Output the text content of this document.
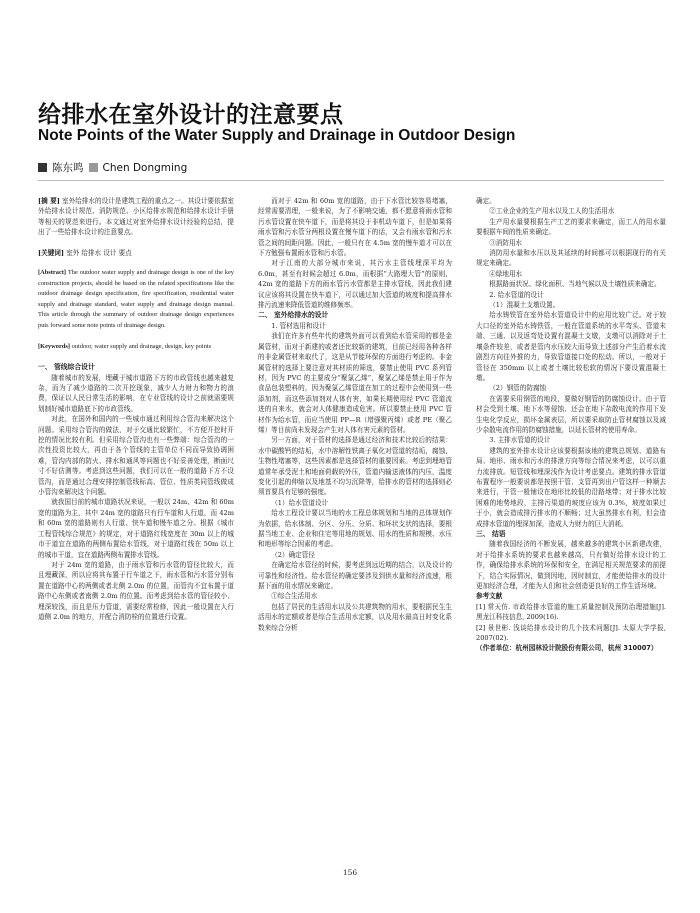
给排水在室外设计的注意要点
Note Points of the Water Supply and Drainage in Outdoor Design
陈东鸣 Chen Dongming

[摘 要] 室外给排水的设计是建筑工程的重点之一。其设计要依据室外给排水设计规范、消防规范、小区给排水规范和给排水设计手册等相关的规范来进行。本文通过对室外给排水设计经验的总结，提出了一些给排水设计的注意要点。

[关键词] 室外 给排水 设计 要点

[Abstract] The outdoor water supply and drainage design is one of the key construction projects, should be based on the related specifications like the outdoor drainage design specification, fire specification, residential water supply and drainage standard, water supply and drainage design manual. This article through the summary of outdoor drainage design experiences puts forward some note points of drainage design.

[Keywords] outdoor, water supply and drainage, design, key points

一、 管线综合设计

随着城市的发展，埋藏于城市道路下方的市政管线也越来越复杂，而为了减少道路的二次开挖现象，减少人力财力和物力的浪费，保证以人民日常生活的影响，在专业管线的设计之前就需要规划制好城市道路底下的市政管线。

对此，在国外和国内的一些城市通过利用综合管沟来解决这个问题。采用综合管沟的做法，对于交通比较繁忙，不方便开挖时开挖的情况比较有利。但采用综合管沟也有一些弊端：综合管沟的一次性投资比较大，再由于各个管线的主管单位不同而导致协调困难，管沟内部的防火、排水和通风等问题也不好妥善处理，断面尺寸不好估测等。考虑到这些问题，我们可以在一般的道路下方不设管沟，而是通过合理安排控制管线标高、管位、性质类同管线做成小管沟来解决这个问题。

就我国目前的城市道路状况来说，一般以 24m、42m 和 60m 宽的道路为主，其中 24m 宽的道路只有行车道和人行道，而 42m 和 60m 宽的道路则有人行道、快车道和慢车道之分。根据《城市工程管线综合规范》的规定，对于道路红线宽度在 30m 以上的城市干道宜在道路的两侧布置给水管线，对于道路红线在 50m 以上的城市干道，宜在道路两侧布置排水管线。

对于 24m 宽的道路，由于雨水管和污水管的管径比较大，而且埋藏深，所以应将其布置于行车道之下，雨水管和污水管分别布置在道路中心的两侧或者北侧 2.0m 的位置，而管沟不宜布置于道路中心东侧或者南侧 2.0m 的位置。而考虑到给水管的管径较小、埋深较浅，而且是压力管道，需要经常检修，因此一般设置在人行道侧 2.0m 的地方，并配合消防栓的位置进行设置。

而对于 42m 和 60m 宽的道路，由于下水管比较容易堵塞，经常需要清理，一般来说，为了不影响交通，都不愿意将雨水管和污水管设置在快车道下，而是将其设于非机动车道下，但是如果将雨水管和污水管分两根设置在慢车道下的话，又会有雨水管和污水管之间的间距问题。因此，一般只有在 4.5m 宽的慢车道才可以在下方勉强布置雨水管和污水管。

对于江南的大部分城市来说，其污水主管线埋深平均为 6.0m，甚至有时候会超过 6.0m，而根据“大路埋大管”的原则，42m 宽的道路下方的雨水管污水管都是主排水管线，因此我们建议应该将其设置在快车道下，可以通过加大管道的坡度和提高排水排污流速来降低管道的维修频率。

二、 室外给排水的设计

1. 管材选用和设计

我们在许多有些年代的建筑外面可以看到给水管采用的都是金属管材，而对于新建的或者还比较新的建筑，目前已经用各种各样的非金属管材来取代了，这是从节能环保的方面进行考虑的。非金属管材的选择上要注意对其材质的筛选，要禁止使用 PVC 系列管材，因为 PVC 的主要成分“聚氯乙烯”，聚氯乙烯是禁止用于作为食品包装塑料的，因为聚氯乙烯管道在加工的过程中会使用到一些添加剂，而这些添加剂对人体有害，如果长期使用经 PVC 管道流进的自来水，就会对人体健康造成危害。所以要禁止使用 PVC 管材作为给水管，而应当使用 PP—R（增强聚丙烯）或者 PE（聚乙烯）等目前尚未发现会产生对人体有害元素的管材。

另一方面，对于管材的选择是通过经济和技术比较后的结果：水中碳酸钙的结垢，水中溶解性铁离子氧化对管道的结垢，腐蚀，生物性堵塞等，这些因素都是选择管材的重要因素。考虑到埋地管道常年承受泥土和地面荷载的外压，管道内输送液体的内压，温度变化引起的伸缩以及地基不均匀沉降等，给排水的管材的选择则必须首要具有足够的强度。

（1）给水管道设计

给水工程设计要以当地的水工程总体规划和当地的总体规划作为依据，给水体制、分区、分压、分质、和环状支状的选择，要根据当地工业、企业和住宅等用地的规划、用水的性质和规模、水压和地形等综合因素的考虑。

（2）确定管径

在确定给水管径的时候，要考虑到远近期的结合，以及设计的可靠性和经济性。给水管径的确定要涉及到供水量和经济流速，根据下面的用水情况来确定。

①综合生活用水

包括了居民的生活用水以及公共建筑物的用水，要根据民生生活用水的定额或者是综合生活用水定额，以及用水最高日时变化系数来综合分析

确定。

②工业企业的生产用水以及工人的生活用水

生产用水量要根据生产工艺的要求来确定，而工人的用水量要根据车间的性质来确定。

③消防用水

消防用水量和水压以及其延续的时间都可以根据现行的有关规定来确定。

④绿地用水

根据路面状况、绿化面积、当地气候以及土壤性质来确定。

2. 给水管道的设计

（1）混凝土支墩设置。

给水铸铁管在室外给水管道设计中的应用比较广泛。对于较大口径的室外给水铸铁管，一般在管道系统的水平弯头、管道末端、三通、以及返弯处设置有混凝土支墩，支墩可以消除对于土壤条件较差，或者是管内水压较大而导致上述部分产生沿着水流剧烈方向往外推的力，导致管道接口处的松动。所以，一般对于管径在 350mm 以上或者土壤比较松软的情况下要设置混凝土墩。

（2）钢管的防腐蚀

在需要采用钢管的地段，要做好钢管的防腐蚀设计。由于管材会受到土壤、地下水等侵蚀、还会在地下杂散电流的作用下发生电化学反应，损坏金属表层，所以要采取防止管材腐蚀以及减少杂散电流作用的防腐蚀措施，以延长管材的使用寿命。

3. 主排水管道的设计

建筑的室外排水设计应该要根据该地的建筑总规划、道路布局、地形、雨水和污水的排泄方向等综合情况来考虑，以可以重力流排放。短管线和埋深浅作为设计考虑要点。建筑的排水管道布置程序一般要说都是按照干管、支管再到出户管这样一种顺去来进行，干管一般铺设在地形比较低的沿路地带；对于排水比较困难的地势地段，主排污渠道的坡度应该为 0.3%，坡度如果过于小，就会造成排污排水的不顺畅；过大虽然排水有利，但会造成排水管道的埋深加深，造成人力财力的巨大消耗。

三、 结语

随着我国经济的不断发展，越来越多的建筑小区新建改建，对于给排水系统的要求也越来越高，只有做好给排水设计的工作，确保给排水系统的环保和安全，在满足相关规范要求的前提下，结合实际情况，做到因地，因时制宜，才能使给排水的设计更加经济合理，才能为人们和社会创造更良好的工作生活环境。

参考文献

[1] 常天仿. 市政给排水管道的施工质量控制及预防治理措施[J]. 黑龙江科技信息, 2009(16).

[2] 景世彬. 浅谈给排水设计的几个技术问题[J]. 太原大学学报, 2007(02).

（作者单位：杭州园林设计院股份有限公司，杭州 310007）

156
